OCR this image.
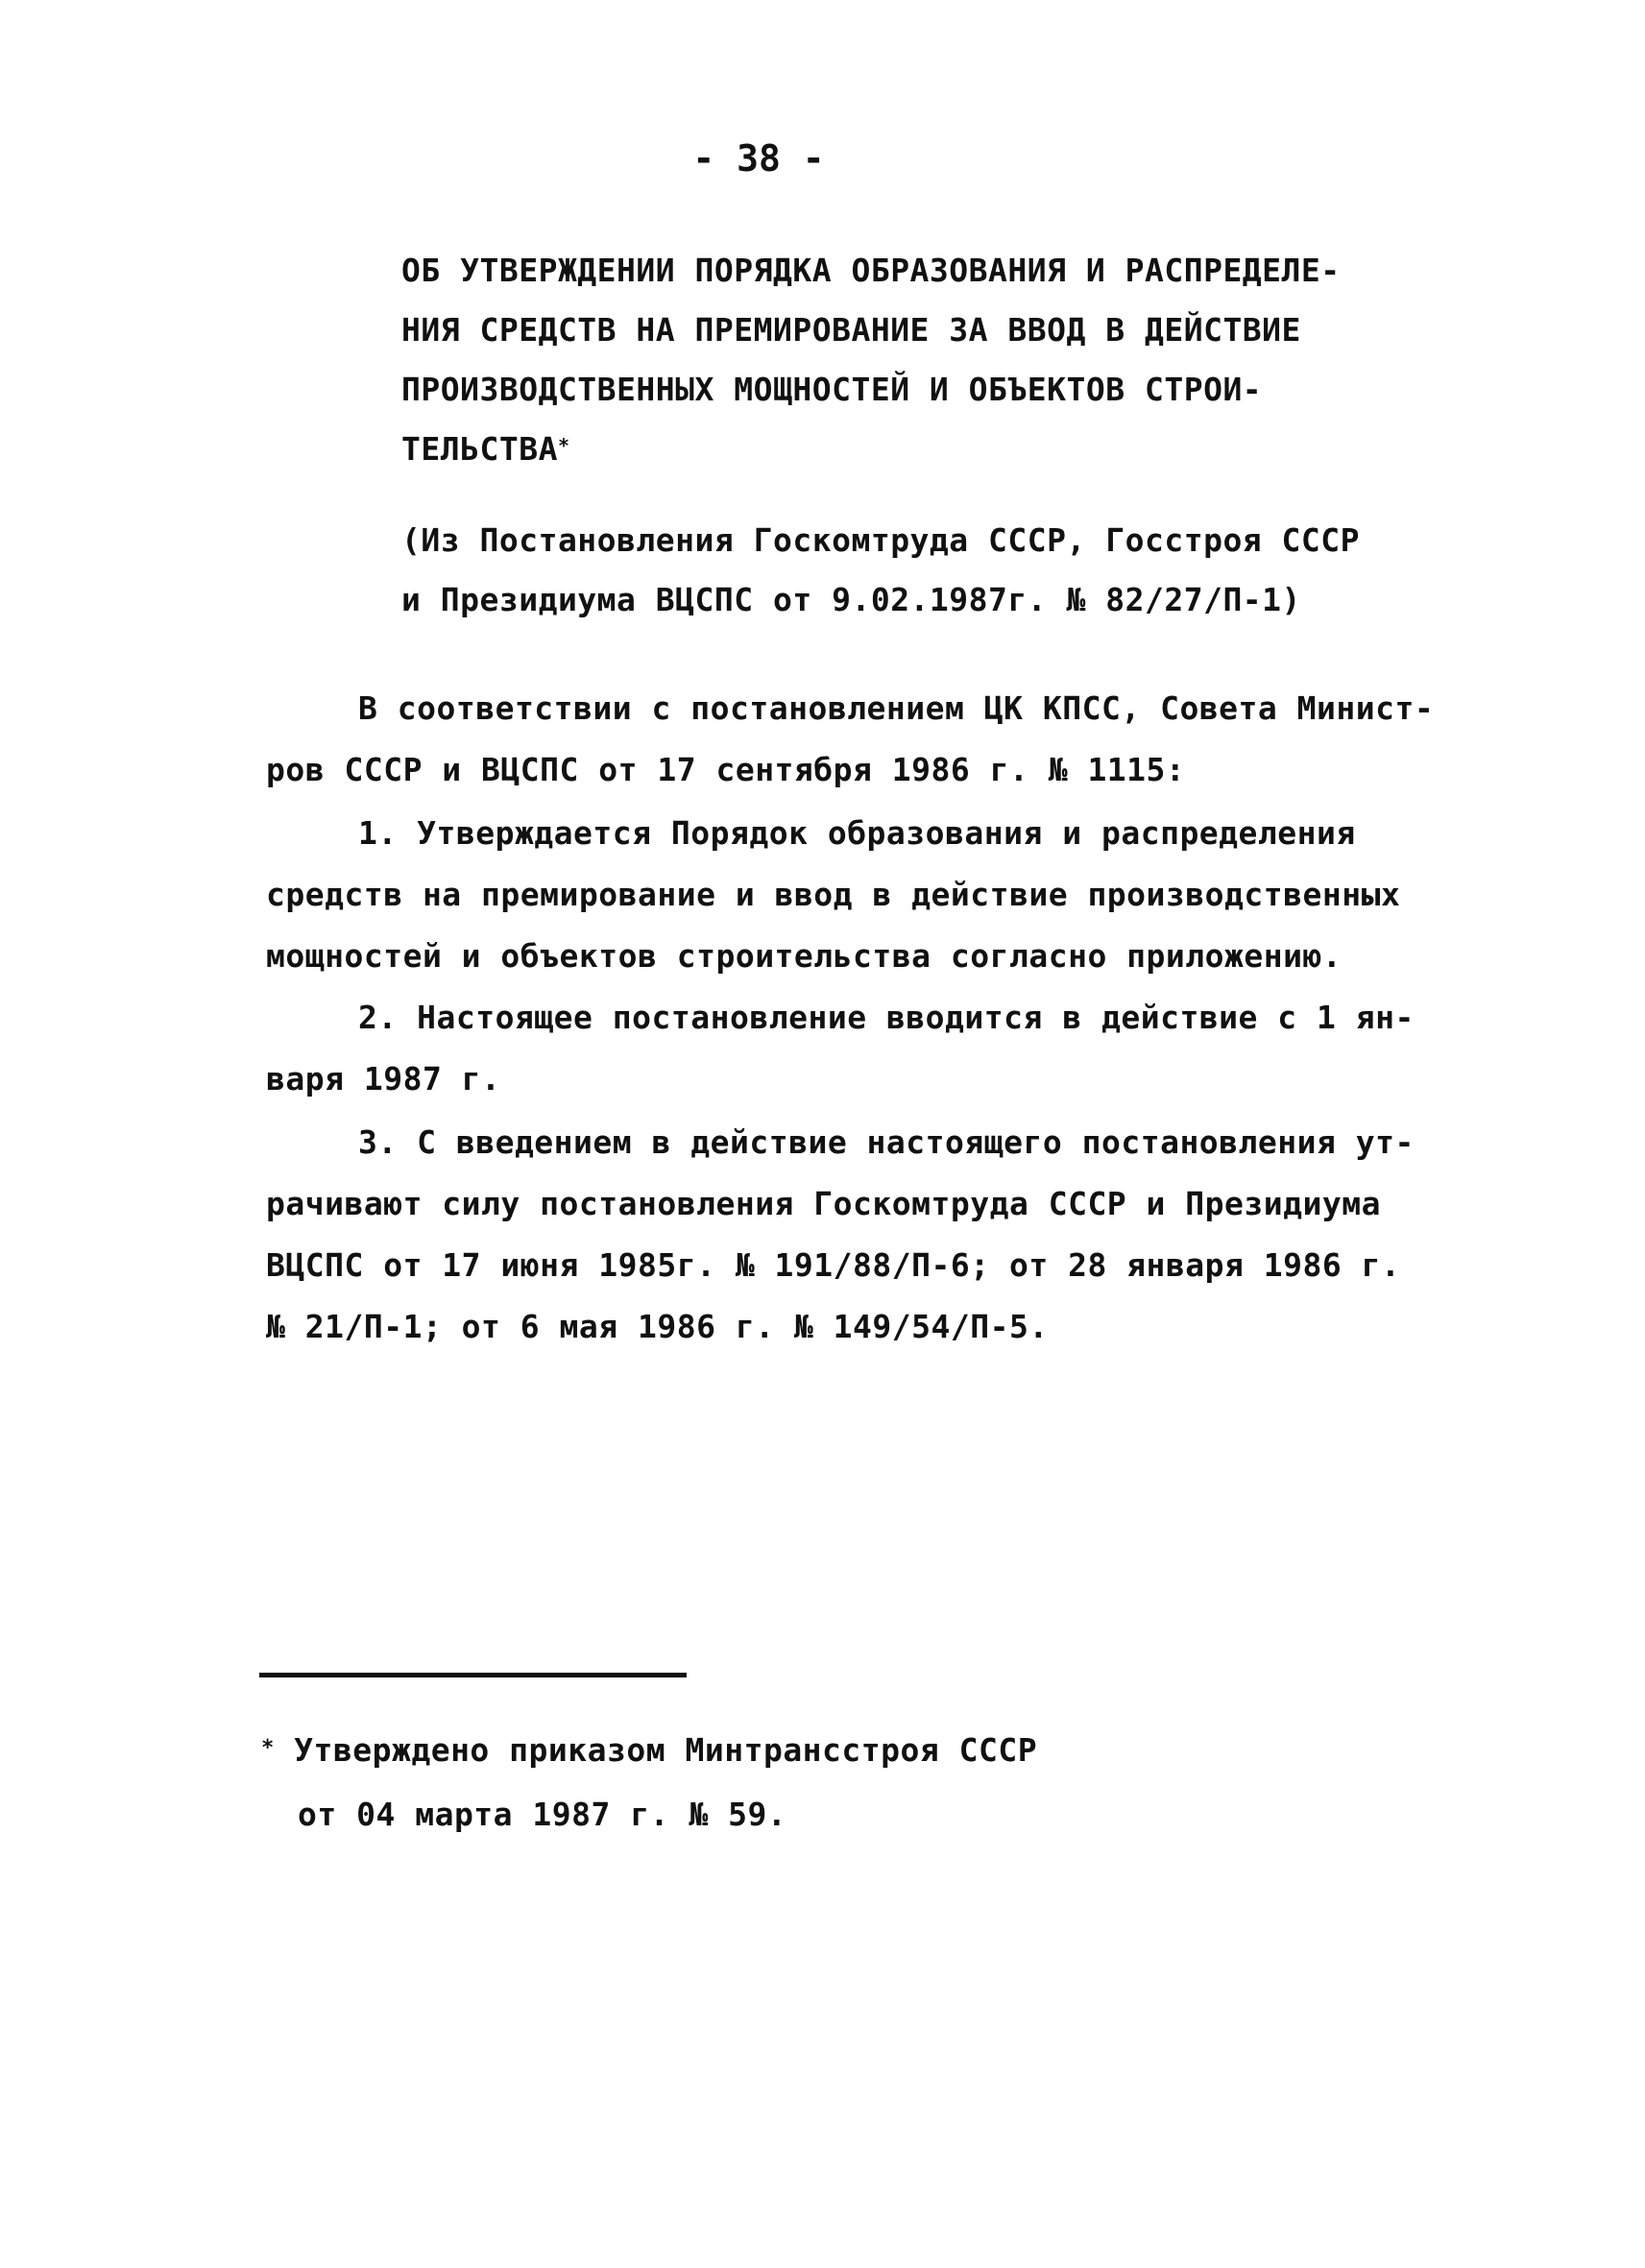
- 38 -
ОБ УТВЕРЖДЕНИИ ПОРЯДКА ОБРАЗОВАНИЯ И РАСПРЕДЕЛЕ-
НИЯ СРЕДСТВ НА ПРЕМИРОВАНИЕ ЗА ВВОД В ДЕЙСТВИЕ
ПРОИЗВОДСТВЕННЫХ МОЩНОСТЕЙ И ОБЪЕКТОВ СТРОИ-
ТЕЛЬСТВА*
(Из Постановления Госкомтруда СССР, Госстроя СССР
и Президиума ВЦСПС от 9.02.1987г. № 82/27/П-1)
В соответствии с постановлением ЦК КПСС, Совета Минист-
ров СССР и ВЦСПС от 17 сентября 1986 г. № 1115:
1. Утверждается Порядок образования и распределения
средств на премирование и ввод в действие производственных
мощностей и объектов строительства согласно приложению.
2. Настоящее постановление вводится в действие с 1 ян-
варя 1987 г.
3. С введением в действие настоящего постановления ут-
рачивают силу постановления Госкомтруда СССР и Президиума
ВЦСПС от 17 июня 1985г. № 191/88/П-6; от 28 января 1986 г.
№ 21/П-1; от 6 мая 1986 г. № 149/54/П-5.
* Утверждено приказом Минтрансстроя СССР
от 04 марта 1987 г. № 59.
